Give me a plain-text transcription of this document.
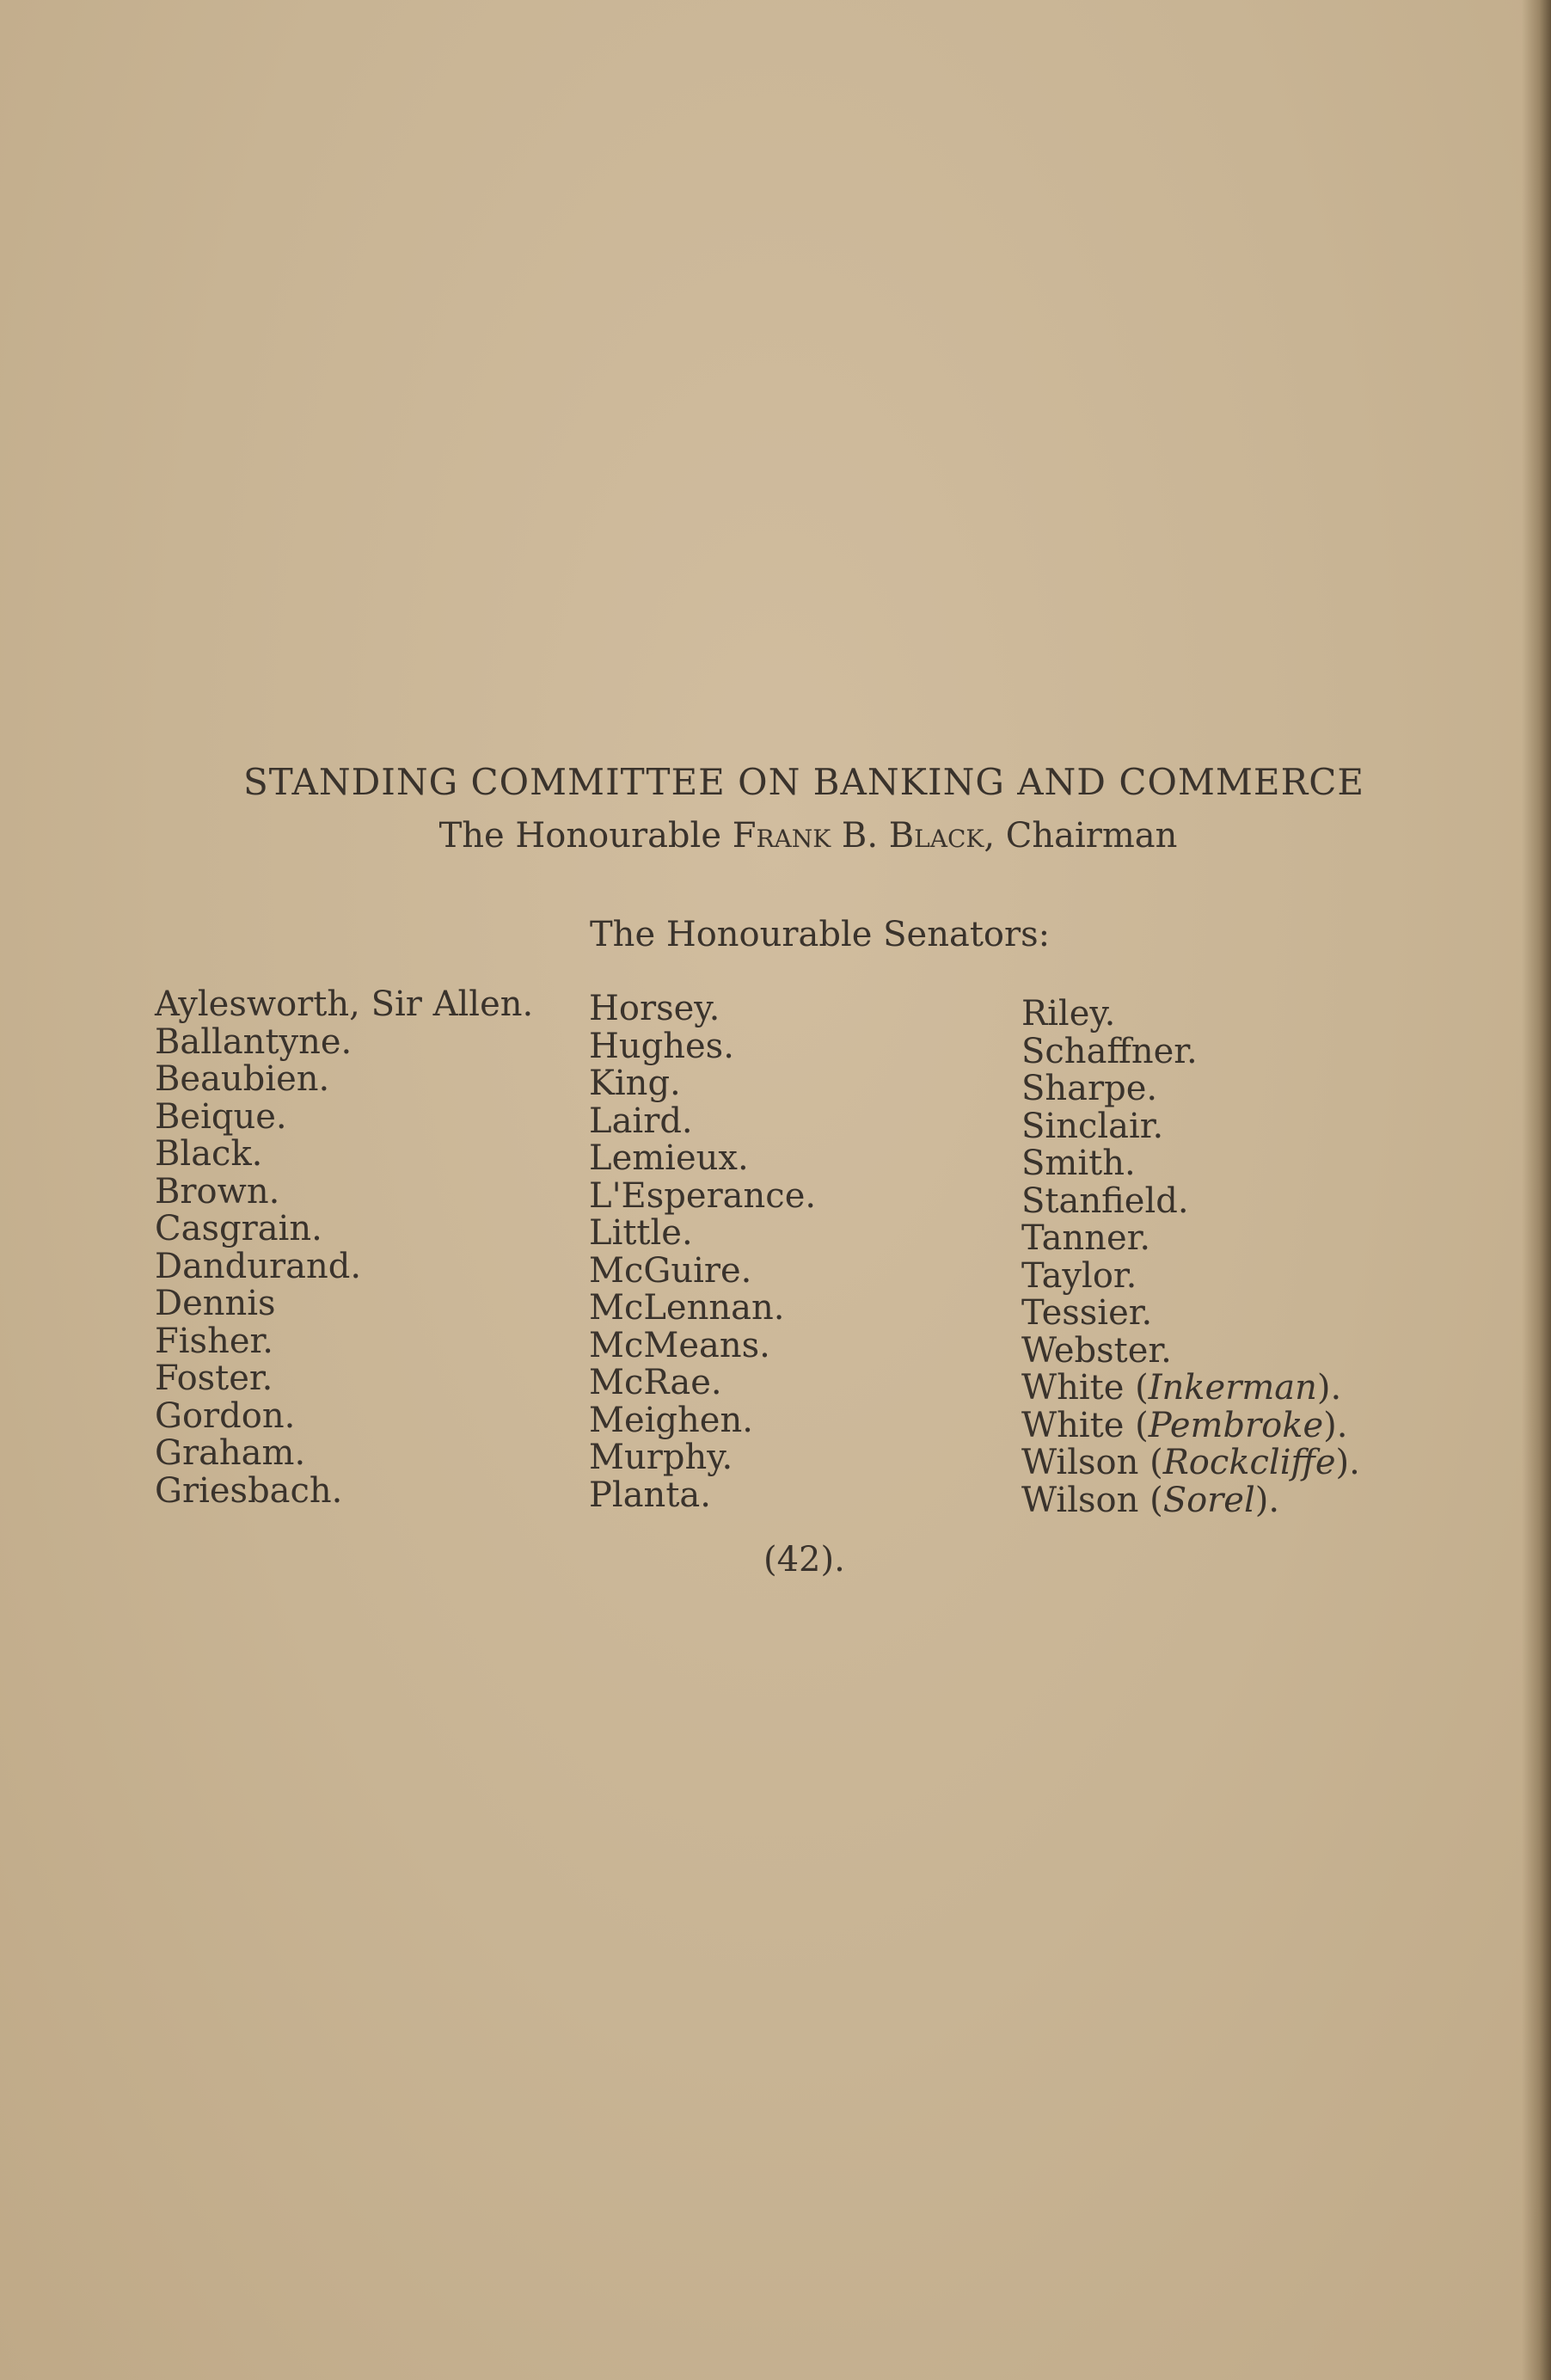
STANDING COMMITTEE ON BANKING AND COMMERCE
The Honourable Frank B. Black, Chairman
The Honourable Senators:
Aylesworth, Sir Allen.
Ballantyne.
Beaubien.
Beique.
Black.
Brown.
Casgrain.
Dandurand.
Dennis
Fisher.
Foster.
Gordon.
Graham.
Griesbach.
Horsey.
Hughes.
King.
Laird.
Lemieux.
L'Esperance.
Little.
McGuire.
McLennan.
McMeans.
McRae.
Meighen.
Murphy.
Planta.
Riley.
Schaffner.
Sharpe.
Sinclair.
Smith.
Stanfield.
Tanner.
Taylor.
Tessier.
Webster.
White (Inkerman).
White (Pembroke).
Wilson (Rockcliffe).
Wilson (Sorel).
(42).
